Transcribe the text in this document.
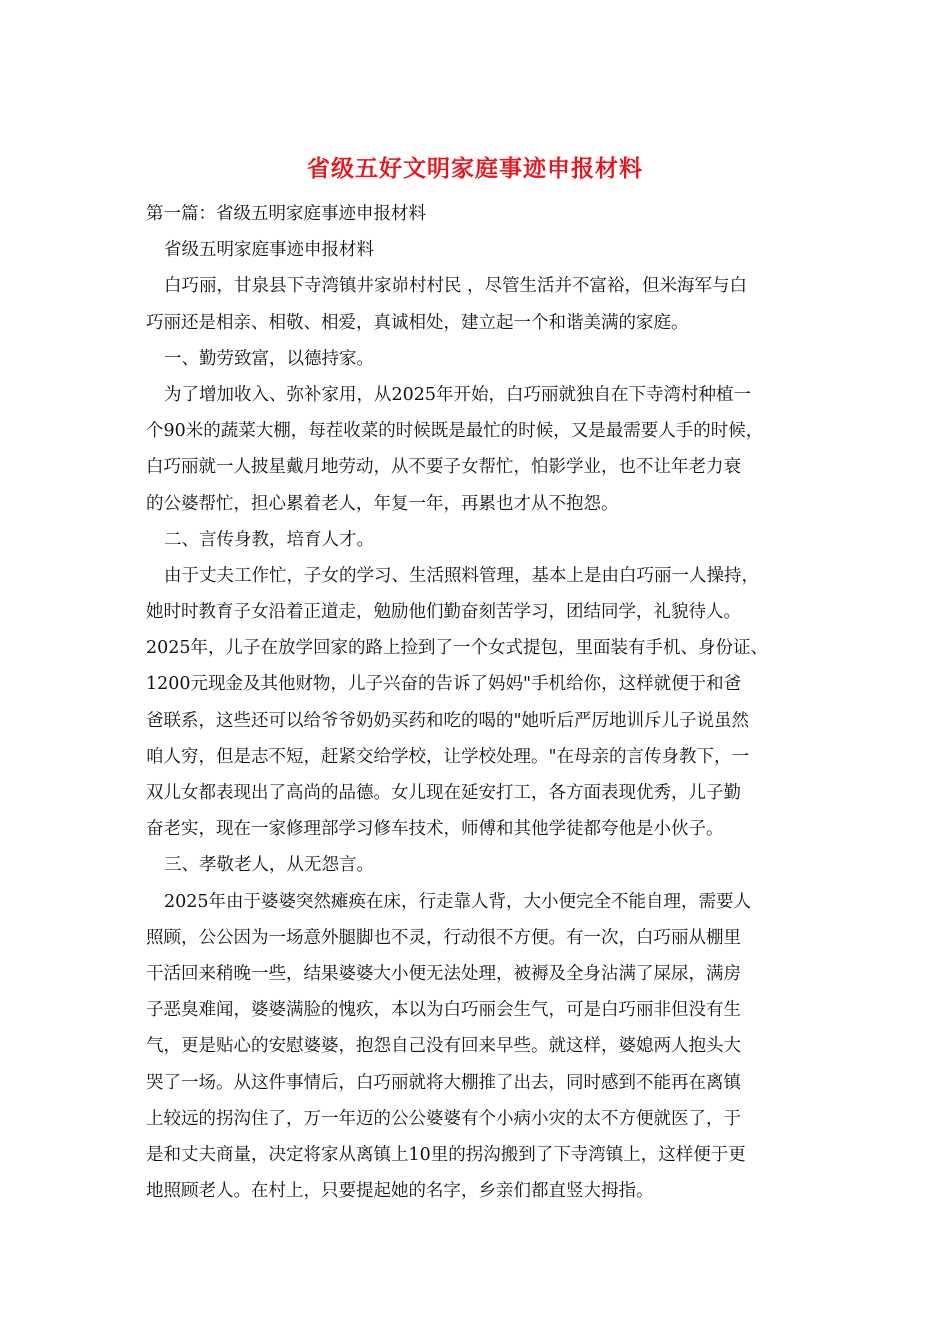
省级五好文明家庭事迹申报材料
第一篇：省级五明家庭事迹申报材料
省级五明家庭事迹申报材料
白巧丽，甘泉县下寺湾镇井家峁村村民 ，尽管生活并不富裕，但米海军与白
巧丽还是相亲、相敬、相爱，真诚相处，建立起一个和谐美满的家庭。
一、勤劳致富，以德持家。
为了增加收入、弥补家用，从2025年开始，白巧丽就独自在下寺湾村种植一
个90米的蔬菜大棚，每茬收菜的时候既是最忙的时候，又是最需要人手的时候，
白巧丽就一人披星戴月地劳动，从不要子女帮忙，怕影学业，也不让年老力衰
的公婆帮忙，担心累着老人，年复一年，再累也才从不抱怨。
二、言传身教，培育人才。
由于丈夫工作忙，子女的学习、生活照料管理，基本上是由白巧丽一人操持，
她时时教育子女沿着正道走，勉励他们勤奋刻苦学习，团结同学，礼貌待人。
2025年，儿子在放学回家的路上捡到了一个女式提包，里面装有手机、身份证、
1200元现金及其他财物，儿子兴奋的告诉了妈妈"手机给你，这样就便于和爸
爸联系，这些还可以给爷爷奶奶买药和吃的喝的"她听后严厉地训斥儿子说虽然
咱人穷，但是志不短，赶紧交给学校，让学校处理。"在母亲的言传身教下，一
双儿女都表现出了高尚的品德。女儿现在延安打工，各方面表现优秀，儿子勤
奋老实，现在一家修理部学习修车技术，师傅和其他学徒都夸他是小伙子。
三、孝敬老人，从无怨言。
2025年由于婆婆突然瘫痪在床，行走靠人背，大小便完全不能自理，需要人
照顾，公公因为一场意外腿脚也不灵，行动很不方便。有一次，白巧丽从棚里
干活回来稍晚一些，结果婆婆大小便无法处理，被褥及全身沾满了屎尿，满房
子恶臭难闻，婆婆满脸的愧疚，本以为白巧丽会生气，可是白巧丽非但没有生
气，更是贴心的安慰婆婆，抱怨自己没有回来早些。就这样，婆媳两人抱头大
哭了一场。从这件事情后，白巧丽就将大棚推了出去，同时感到不能再在离镇
上较远的拐沟住了，万一年迈的公公婆婆有个小病小灾的太不方便就医了，于
是和丈夫商量，决定将家从离镇上10里的拐沟搬到了下寺湾镇上，这样便于更
地照顾老人。在村上，只要提起她的名字，乡亲们都直竖大拇指。
